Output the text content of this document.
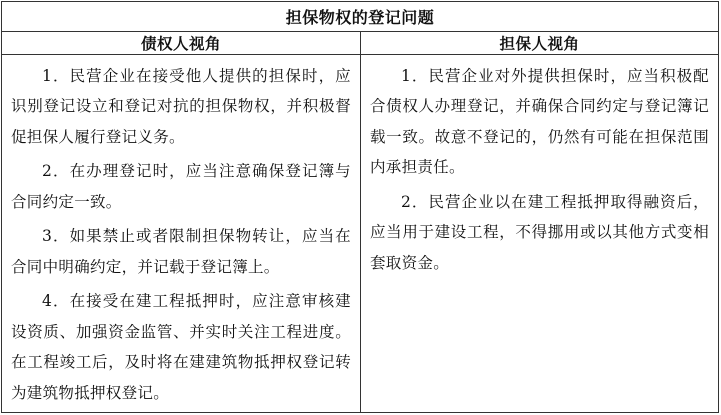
担保物权的登记问题
债权人视角	担保人视角

1．民营企业在接受他人提供的担保时，应识别登记设立和登记对抗的担保物权，并积极督促担保人履行登记义务。

2．在办理登记时，应当注意确保登记簿与合同约定一致。

3．如果禁止或者限制担保物转让，应当在合同中明确约定，并记载于登记簿上。

4．在接受在建工程抵押时，应注意审核建设资质、加强资金监管、并实时关注工程进度。在工程竣工后，及时将在建建筑物抵押权登记转为建筑物抵押权登记。

1．民营企业对外提供担保时，应当积极配合债权人办理登记，并确保合同约定与登记簿记载一致。故意不登记的，仍然有可能在担保范围内承担责任。

2．民营企业以在建工程抵押取得融资后，应当用于建设工程，不得挪用或以其他方式变相套取资金。
